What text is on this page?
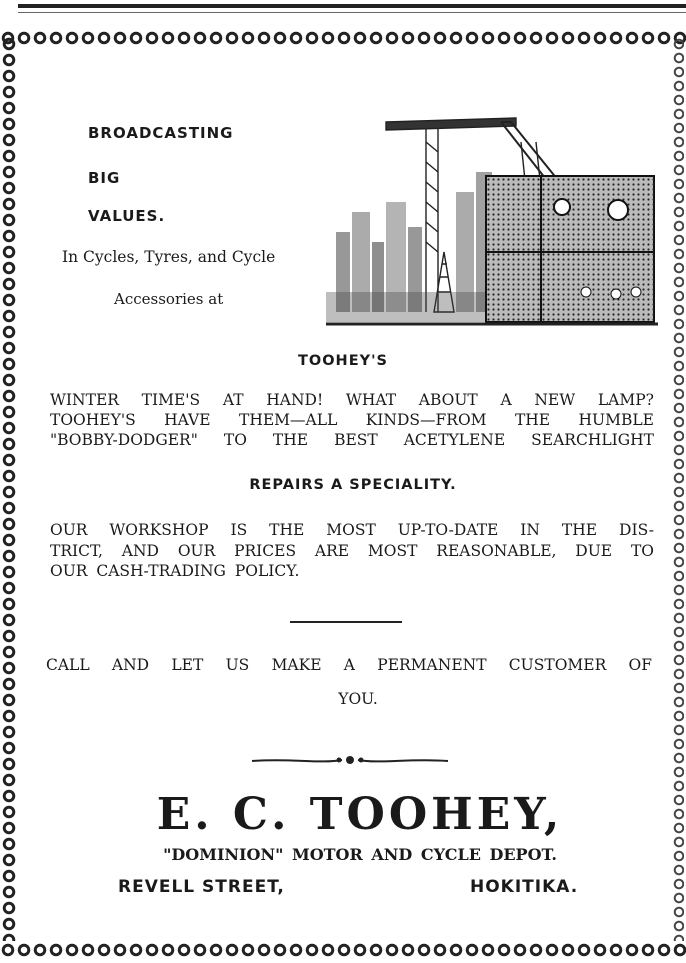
BROADCASTING
BIG
VALUES.
In Cycles, Tyres, and Cycle
Accessories at
TOOHEY'S
WINTER TIME'S AT HAND! WHAT ABOUT A NEW LAMP?
TOOHEY'S HAVE THEM—ALL KINDS—FROM THE HUMBLE
"BOBBY-DODGER" TO THE BEST ACETYLENE SEARCHLIGHT
REPAIRS A SPECIALITY.
OUR WORKSHOP IS THE MOST UP-TO-DATE IN THE DIS-
TRICT, AND OUR PRICES ARE MOST REASONABLE, DUE TO
OUR CASH-TRADING POLICY.
CALL AND LET US MAKE A PERMANENT CUSTOMER OF
YOU.
E. C. TOOHEY,
"DOMINION" MOTOR AND CYCLE DEPOT.
REVELL STREET,	HOKITIKA.
